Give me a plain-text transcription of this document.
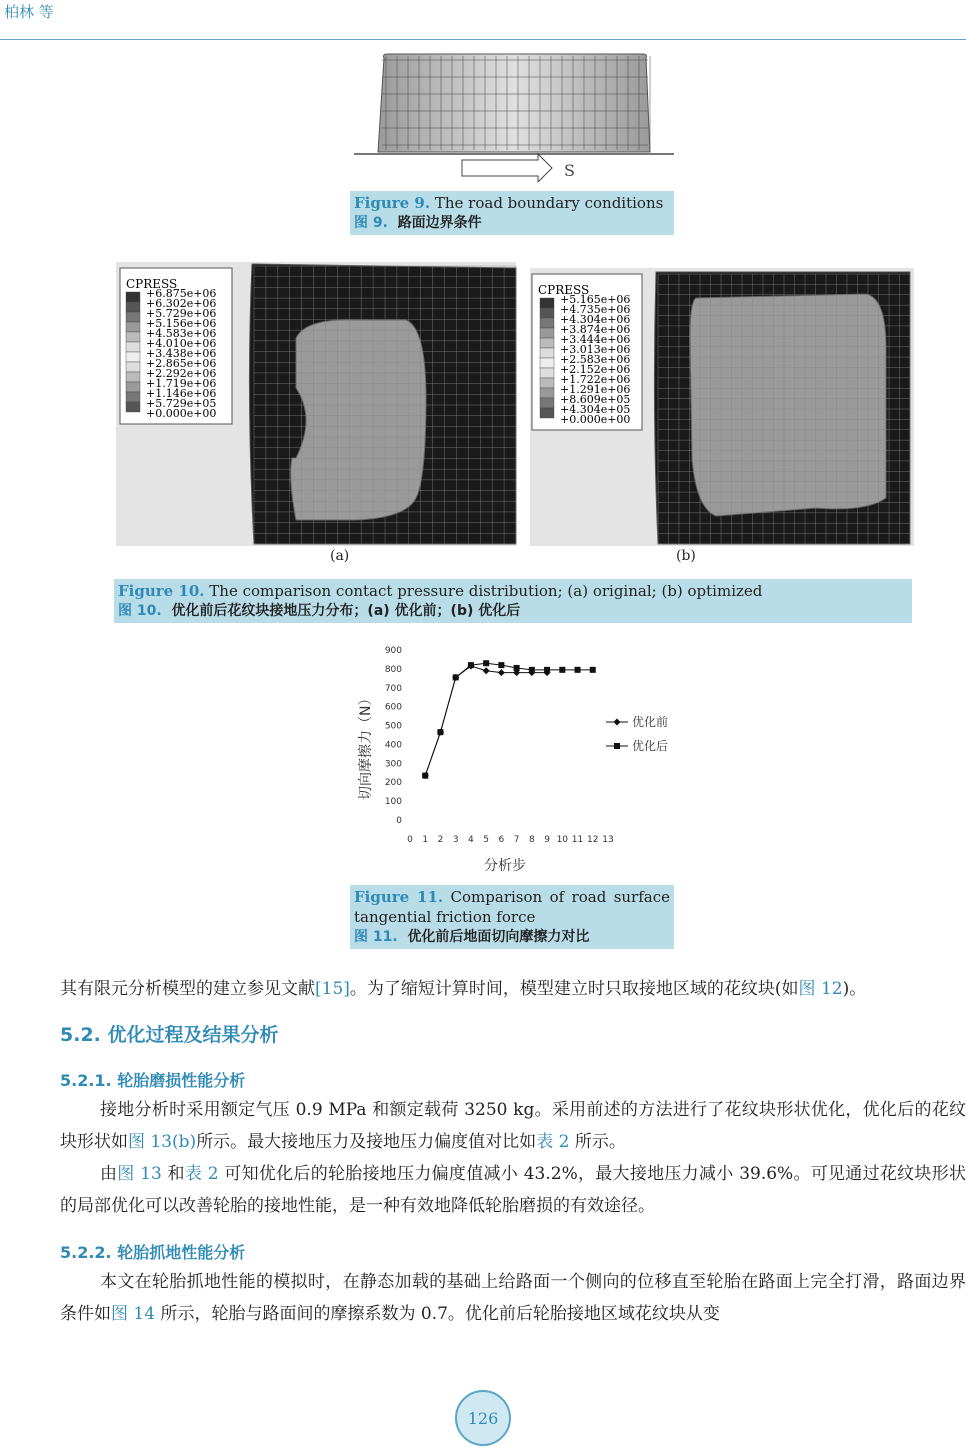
柏林 等
S
Figure 9. The road boundary conditions
图 9. 路面边界条件
CPRESS
+6.875e+06
+6.302e+06
+5.729e+06
+5.156e+06
+4.583e+06
+4.010e+06
+3.438e+06
+2.865e+06
+2.292e+06
+1.719e+06
+1.146e+06
+5.729e+05
+0.000e+00
CPRESS
+5.165e+06
+4.735e+06
+4.304e+06
+3.874e+06
+3.444e+06
+3.013e+06
+2.583e+06
+2.152e+06
+1.722e+06
+1.291e+06
+8.609e+05
+4.304e+05
+0.000e+00
(a)	(b)
Figure 10. The comparison contact pressure distribution; (a) original; (b) optimized
图 10. 优化前后花纹块接地压力分布；(a) 优化前；(b) 优化后
0
100
200
300
400
500
600
700
800
900
0 1 2 3 4 5 6 7 8 9 10 11 12 13
切向摩擦力（N）
分析步
优化前
优化后
Figure 11. Comparison of road surface tangential friction force
图 11. 优化前后地面切向摩擦力对比

其有限元分析模型的建立参见文献[15]。为了缩短计算时间，模型建立时只取接地区域的花纹块(如图 12)。

5.2. 优化过程及结果分析
5.2.1. 轮胎磨损性能分析

接地分析时采用额定气压 0.9 MPa 和额定载荷 3250 kg。采用前述的方法进行了花纹块形状优化，优化后的花纹块形状如图 13(b)所示。最大接地压力及接地压力偏度值对比如表 2 所示。

由图 13 和表 2 可知优化后的轮胎接地压力偏度值减小 43.2%，最大接地压力减小 39.6%。可见通过花纹块形状的局部优化可以改善轮胎的接地性能，是一种有效地降低轮胎磨损的有效途径。

5.2.2. 轮胎抓地性能分析

本文在轮胎抓地性能的模拟时，在静态加载的基础上给路面一个侧向的位移直至轮胎在路面上完全打滑，路面边界条件如图 14 所示，轮胎与路面间的摩擦系数为 0.7。优化前后轮胎接地区域花纹块从变

126
